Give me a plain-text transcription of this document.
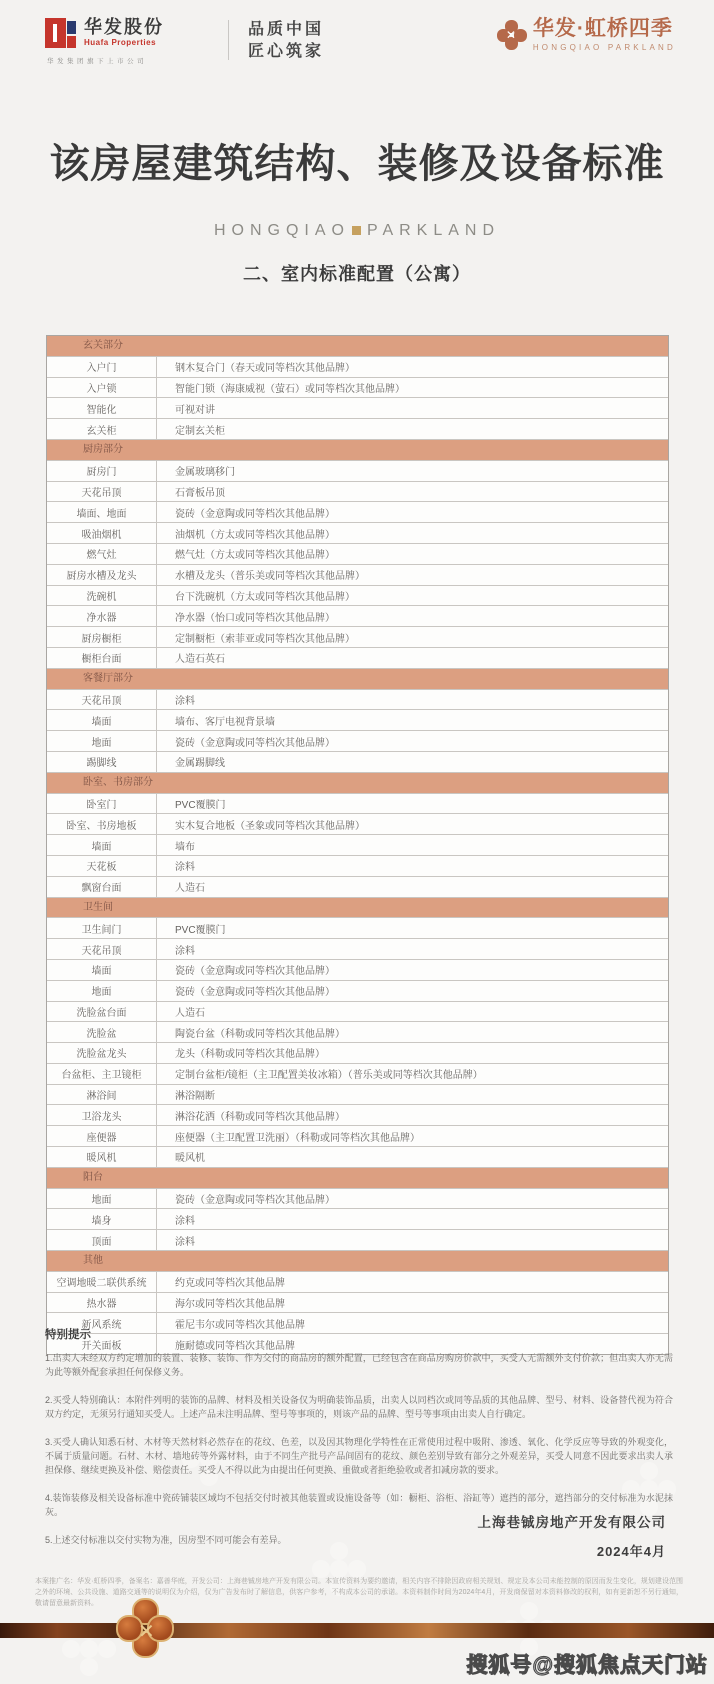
华发股份
Huafa Properties
华发集团旗下上市公司
品质中国
匠心筑家
✕ 华发·虹桥四季
HONGQIAO PARKLAND
该房屋建筑结构、装修及设备标准
HONGQIAO PARKLAND
二、室内标准配置（公寓）
玄关部分
入户门	钢木复合门（春天或同等档次其他品牌）
入户锁	智能门锁（海康威视（萤石）或同等档次其他品牌）
智能化	可视对讲
玄关柜	定制玄关柜
厨房部分
厨房门	金属玻璃移门
天花吊顶	石膏板吊顶
墙面、地面	瓷砖（金意陶或同等档次其他品牌）
吸油烟机	油烟机（方太或同等档次其他品牌）
燃气灶	燃气灶（方太或同等档次其他品牌）
厨房水槽及龙头	水槽及龙头（普乐美或同等档次其他品牌）
洗碗机	台下洗碗机（方太或同等档次其他品牌）
净水器	净水器（怡口或同等档次其他品牌）
厨房橱柜	定制橱柜（索菲亚或同等档次其他品牌）
橱柜台面	人造石英石
客餐厅部分
天花吊顶	涂料
墙面	墙布、客厅电视背景墙
地面	瓷砖（金意陶或同等档次其他品牌）
踢脚线	金属踢脚线
卧室、书房部分
卧室门	PVC覆膜门
卧室、书房地板	实木复合地板（圣象或同等档次其他品牌）
墙面	墙布
天花板	涂料
飘窗台面	人造石
卫生间
卫生间门	PVC覆膜门
天花吊顶	涂料
墙面	瓷砖（金意陶或同等档次其他品牌）
地面	瓷砖（金意陶或同等档次其他品牌）
洗脸盆台面	人造石
洗脸盆	陶瓷台盆（科勒或同等档次其他品牌）
洗脸盆龙头	龙头（科勒或同等档次其他品牌）
台盆柜、主卫镜柜	定制台盆柜/镜柜（主卫配置美妆冰箱）（普乐美或同等档次其他品牌）
淋浴间	淋浴隔断
卫浴龙头	淋浴花洒（科勒或同等档次其他品牌）
座便器	座便器（主卫配置卫洗丽）（科勒或同等档次其他品牌）
暖风机	暖风机
阳台
地面	瓷砖（金意陶或同等档次其他品牌）
墙身	涂料
顶面	涂料
其他
空调地暖二联供系统	约克或同等档次其他品牌
热水器	海尔或同等档次其他品牌
新风系统	霍尼韦尔或同等档次其他品牌
开关面板	施耐德或同等档次其他品牌
特别提示
1.出卖人未经双方约定增加的装置、装修、装饰、作为交付的商品房的额外配置，已经包含在商品房购房价款中，买受人无需额外支付价款；但出卖人亦无需为此等额外配套承担任何保修义务。
2.买受人特别确认：本附件列明的装饰的品牌、材料及相关设备仅为明确装饰品质，出卖人以同档次或同等品质的其他品牌、型号、材料、设备替代视为符合双方约定，无须另行通知买受人。上述产品未注明品牌、型号等事项的，则该产品的品牌、型号等事项由出卖人自行确定。
3.买受人确认知悉石材、木材等天然材料必然存在的花纹、色差，以及因其物理化学特性在正常使用过程中吸附、渗透、氧化、化学反应等导致的外观变化，不属于质量问题。石材、木材、墙地砖等外露材料，由于不同生产批号产品间固有的花纹、颜色差别导致有部分之外观差异，买受人同意不因此要求出卖人承担保修、继续更换及补偿、赔偿责任。买受人不得以此为由提出任何更换、重做或者拒绝验收或者扣减房款的要求。
4.装饰装修及相关设备标准中瓷砖铺装区域均不包括交付时被其他装置或设施设备等（如：橱柜、浴柜、浴缸等）遮挡的部分，遮挡部分的交付标准为水泥抹灰。
5.上述交付标准以交付实物为准，因房型不同可能会有差异。
上海巷铖房地产开发有限公司
2024年4月
本案推广名：华发·虹桥四季，备案名：嘉善华庭，开发公司：上海巷铖房地产开发有限公司。本宣传资料为要约邀请，相关内容不排除因政府相关规划、规定及本公司未能控制的原因而发生变化，规划建设范围之外的环境、公共设施、道路交通等的说明仅为介绍，仅为广告发布时了解信息，供客户参考，不构成本公司的承诺。本资料制作时间为2024年4月，开发商保留对本资料修改的权利，如有更新恕不另行通知，敬请留意最新资料。
✕
搜狐号@搜狐焦点天门站
